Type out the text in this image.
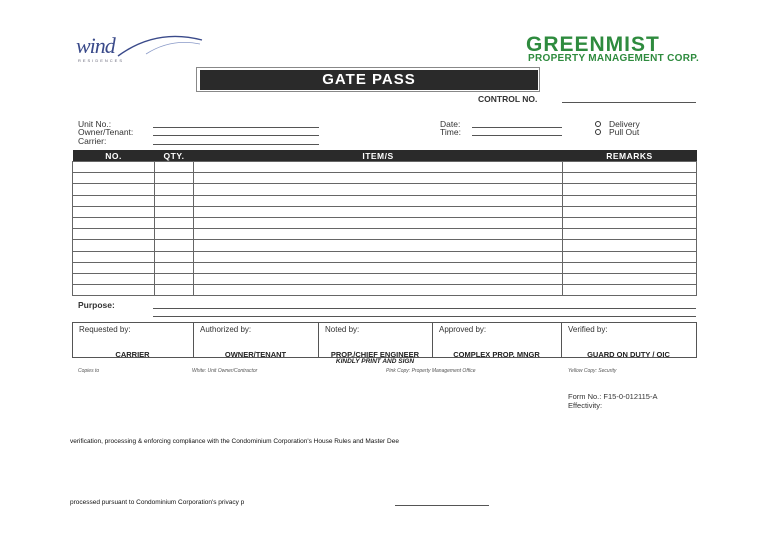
wind
RESIDENCES
GREENMIST
PROPERTY MANAGEMENT CORP.
GATE PASS
CONTROL NO.
Unit No.:
Owner/Tenant:
Carrier:
Date:
Time:
Delivery
Pull Out
NO.	QTY.	ITEM/S	REMARKS

Purpose:
Requested by:	Authorized by:	Noted by:	Approved by:	Verified by:
CARRIER	OWNER/TENANT	PROP./CHIEF ENGINEER	COMPLEX PROP. MNGR	GUARD ON DUTY / OIC
KINDLY PRINT AND SIGN
Copies to	White: Unit Owner/Contractor	Pink Copy: Property Management Office	Yellow Copy: Security
Form No.: F15-0-012115-A
Effectivity:
verification, processing & enforcing compliance with the Condominium Corporation's House Rules and Master Dee
processed pursuant to Condominium Corporation's privacy p
